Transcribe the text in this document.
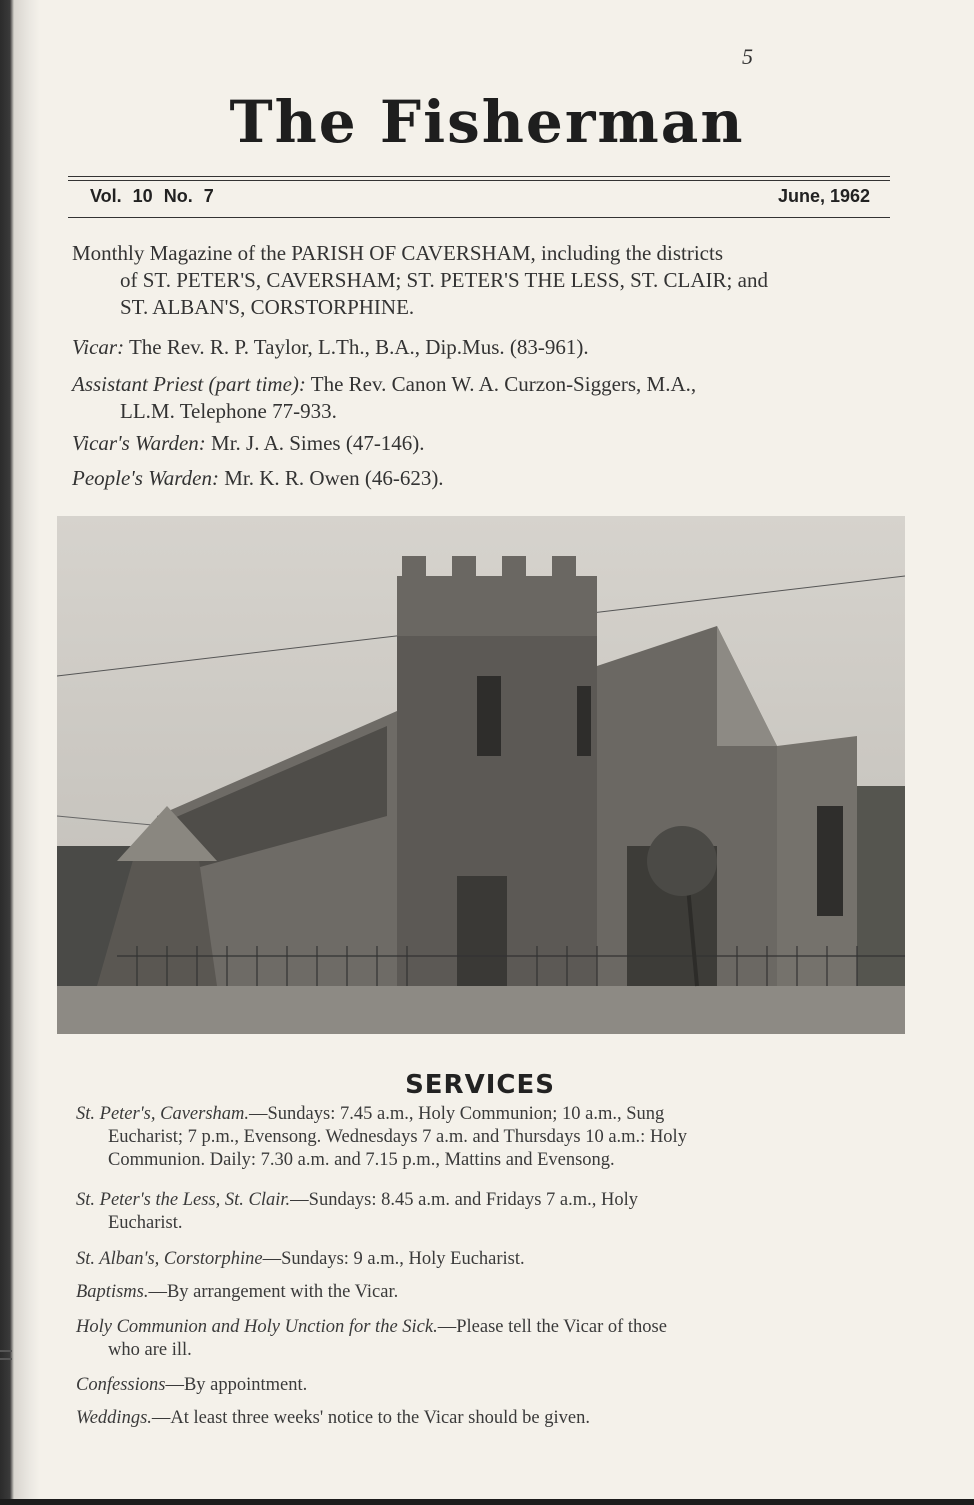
5
The Fisherman
Vol. 10 No. 7	June, 1962
Monthly Magazine of the PARISH OF CAVERSHAM, including the districts
of ST. PETER'S, CAVERSHAM; ST. PETER'S THE LESS, ST. CLAIR; and
ST. ALBAN'S, CORSTORPHINE.
Vicar: The Rev. R. P. Taylor, L.Th., B.A., Dip.Mus. (83-961).
Assistant Priest (part time): The Rev. Canon W. A. Curzon-Siggers, M.A.,
LL.M. Telephone 77-933.
Vicar's Warden: Mr. J. A. Simes (47-146).
People's Warden: Mr. K. R. Owen (46-623).
SERVICES
St. Peter's, Caversham.—Sundays: 7.45 a.m., Holy Communion; 10 a.m., Sung
Eucharist; 7 p.m., Evensong. Wednesdays 7 a.m. and Thursdays 10 a.m.: Holy
Communion. Daily: 7.30 a.m. and 7.15 p.m., Mattins and Evensong.
St. Peter's the Less, St. Clair.—Sundays: 8.45 a.m. and Fridays 7 a.m., Holy
Eucharist.
St. Alban's, Corstorphine—Sundays: 9 a.m., Holy Eucharist.
Baptisms.—By arrangement with the Vicar.
Holy Communion and Holy Unction for the Sick.—Please tell the Vicar of those
who are ill.
Confessions—By appointment.
Weddings.—At least three weeks' notice to the Vicar should be given.
